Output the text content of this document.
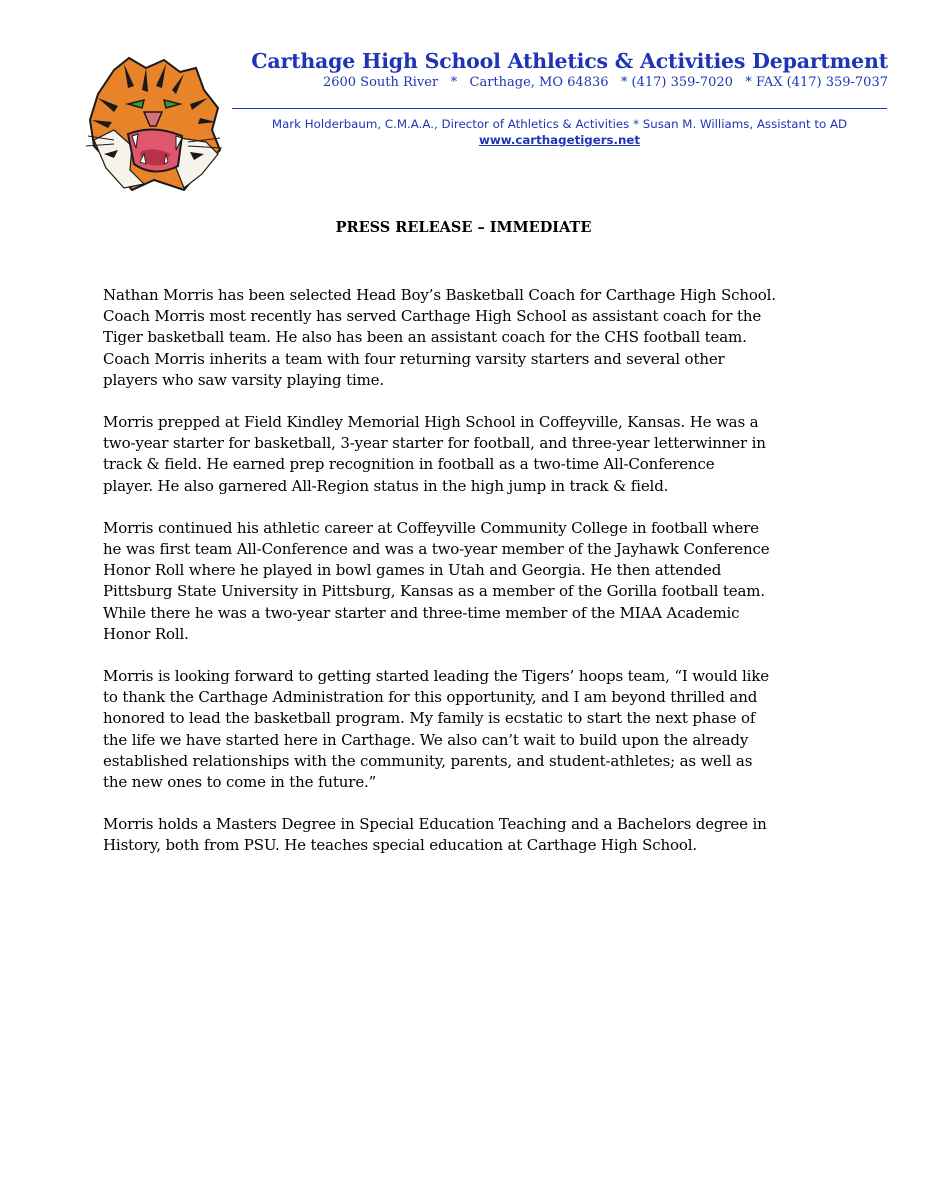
Carthage High School Athletics & Activities Department
2600 South River   *   Carthage, MO 64836   * (417) 359-7020   * FAX (417) 359-7037
Mark Holderbaum, C.M.A.A., Director of Athletics & Activities * Susan M. Williams, Assistant to AD
www.carthagetigers.net
PRESS RELEASE – IMMEDIATE

Nathan Morris has been selected Head Boy’s Basketball Coach for Carthage High School.
Coach Morris most recently has served Carthage High School as assistant coach for the
Tiger basketball team. He also has been an assistant coach for the CHS football team.
Coach Morris inherits a team with four returning varsity starters and several other
players who saw varsity playing time.

Morris prepped at Field Kindley Memorial High School in Coffeyville, Kansas. He was a
two-year starter for basketball, 3-year starter for football, and three-year letterwinner in
track & field. He earned prep recognition in football as a two-time All-Conference
player. He also garnered All-Region status in the high jump in track & field.

Morris continued his athletic career at Coffeyville Community College in football where
he was first team All-Conference and was a two-year member of the Jayhawk Conference
Honor Roll where he played in bowl games in Utah and Georgia. He then attended
Pittsburg State University in Pittsburg, Kansas as a member of the Gorilla football team.
While there he was a two-year starter and three-time member of the MIAA Academic
Honor Roll.

Morris is looking forward to getting started leading the Tigers’ hoops team, “I would like
to thank the Carthage Administration for this opportunity, and I am beyond thrilled and
honored to lead the basketball program. My family is ecstatic to start the next phase of
the life we have started here in Carthage. We also can’t wait to build upon the already
established relationships with the community, parents, and student-athletes; as well as
the new ones to come in the future.”

Morris holds a Masters Degree in Special Education Teaching and a Bachelors degree in
History, both from PSU. He teaches special education at Carthage High School.
